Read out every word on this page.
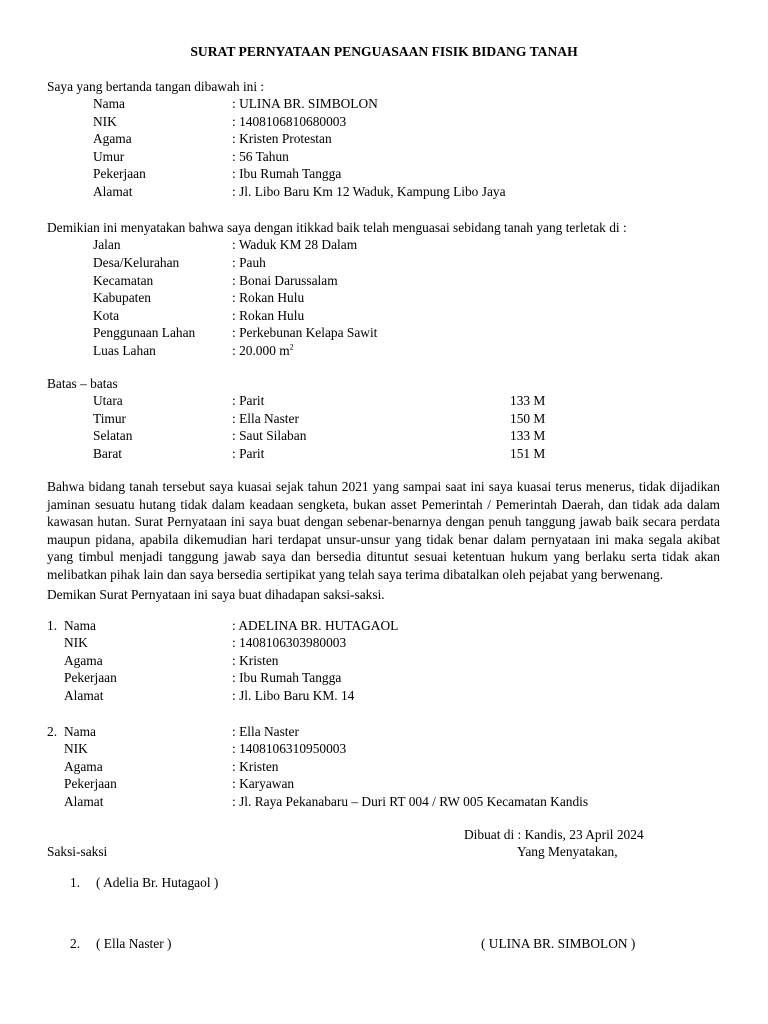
SURAT PERNYATAAN PENGUASAAN FISIK BIDANG TANAH
Saya yang bertanda tangan dibawah ini :
Nama	: ULINA BR. SIMBOLON
NIK	: 1408106810680003
Agama	: Kristen Protestan
Umur	: 56 Tahun
Pekerjaan	: Ibu Rumah Tangga
Alamat	: Jl. Libo Baru Km 12 Waduk, Kampung Libo Jaya
Demikian ini menyatakan bahwa saya dengan itikkad baik telah menguasai sebidang tanah yang terletak di :
Jalan	: Waduk KM 28 Dalam
Desa/Kelurahan	: Pauh
Kecamatan	: Bonai Darussalam
Kabupaten	: Rokan Hulu
Kota	: Rokan Hulu
Penggunaan Lahan	: Perkebunan Kelapa Sawit
Luas Lahan	: 20.000 $m^2$
Batas – batas
Utara	: Parit	133 M
Timur	: Ella Naster	150 M
Selatan	: Saut Silaban	133 M
Barat	: Parit	151 M
Bahwa bidang tanah tersebut saya kuasai sejak tahun 2021 yang sampai saat ini saya kuasai terus menerus, tidak dijadikan jaminan sesuatu hutang tidak dalam keadaan sengketa, bukan asset Pemerintah / Pemerintah Daerah, dan tidak ada dalam kawasan hutan. Surat Pernyataan ini saya buat dengan sebenar-benarnya dengan penuh tanggung jawab baik secara perdata maupun pidana, apabila dikemudian hari terdapat unsur-unsur yang tidak benar dalam pernyataan ini maka segala akibat yang timbul menjadi tanggung jawab saya dan bersedia dituntut sesuai ketentuan hukum yang berlaku serta tidak akan melibatkan pihak lain dan saya bersedia sertipikat yang telah saya terima dibatalkan oleh pejabat yang berwenang.
Demikan Surat Pernyataan ini saya buat dihadapan saksi-saksi.
1. Nama	: ADELINA BR. HUTAGAOL
NIK	: 1408106303980003
Agama	: Kristen
Pekerjaan	: Ibu Rumah Tangga
Alamat	: Jl. Libo Baru KM. 14
2. Nama	: Ella Naster
NIK	: 1408106310950003
Agama	: Kristen
Pekerjaan	: Karyawan
Alamat	: Jl. Raya Pekanabaru – Duri RT 004 / RW 005 Kecamatan Kandis
Dibuat di : Kandis, 23 April 2024
Saksi-saksi	Yang Menyatakan,
1. ( Adelia Br. Hutagaol )
2. ( Ella Naster )	( ULINA BR. SIMBOLON )
